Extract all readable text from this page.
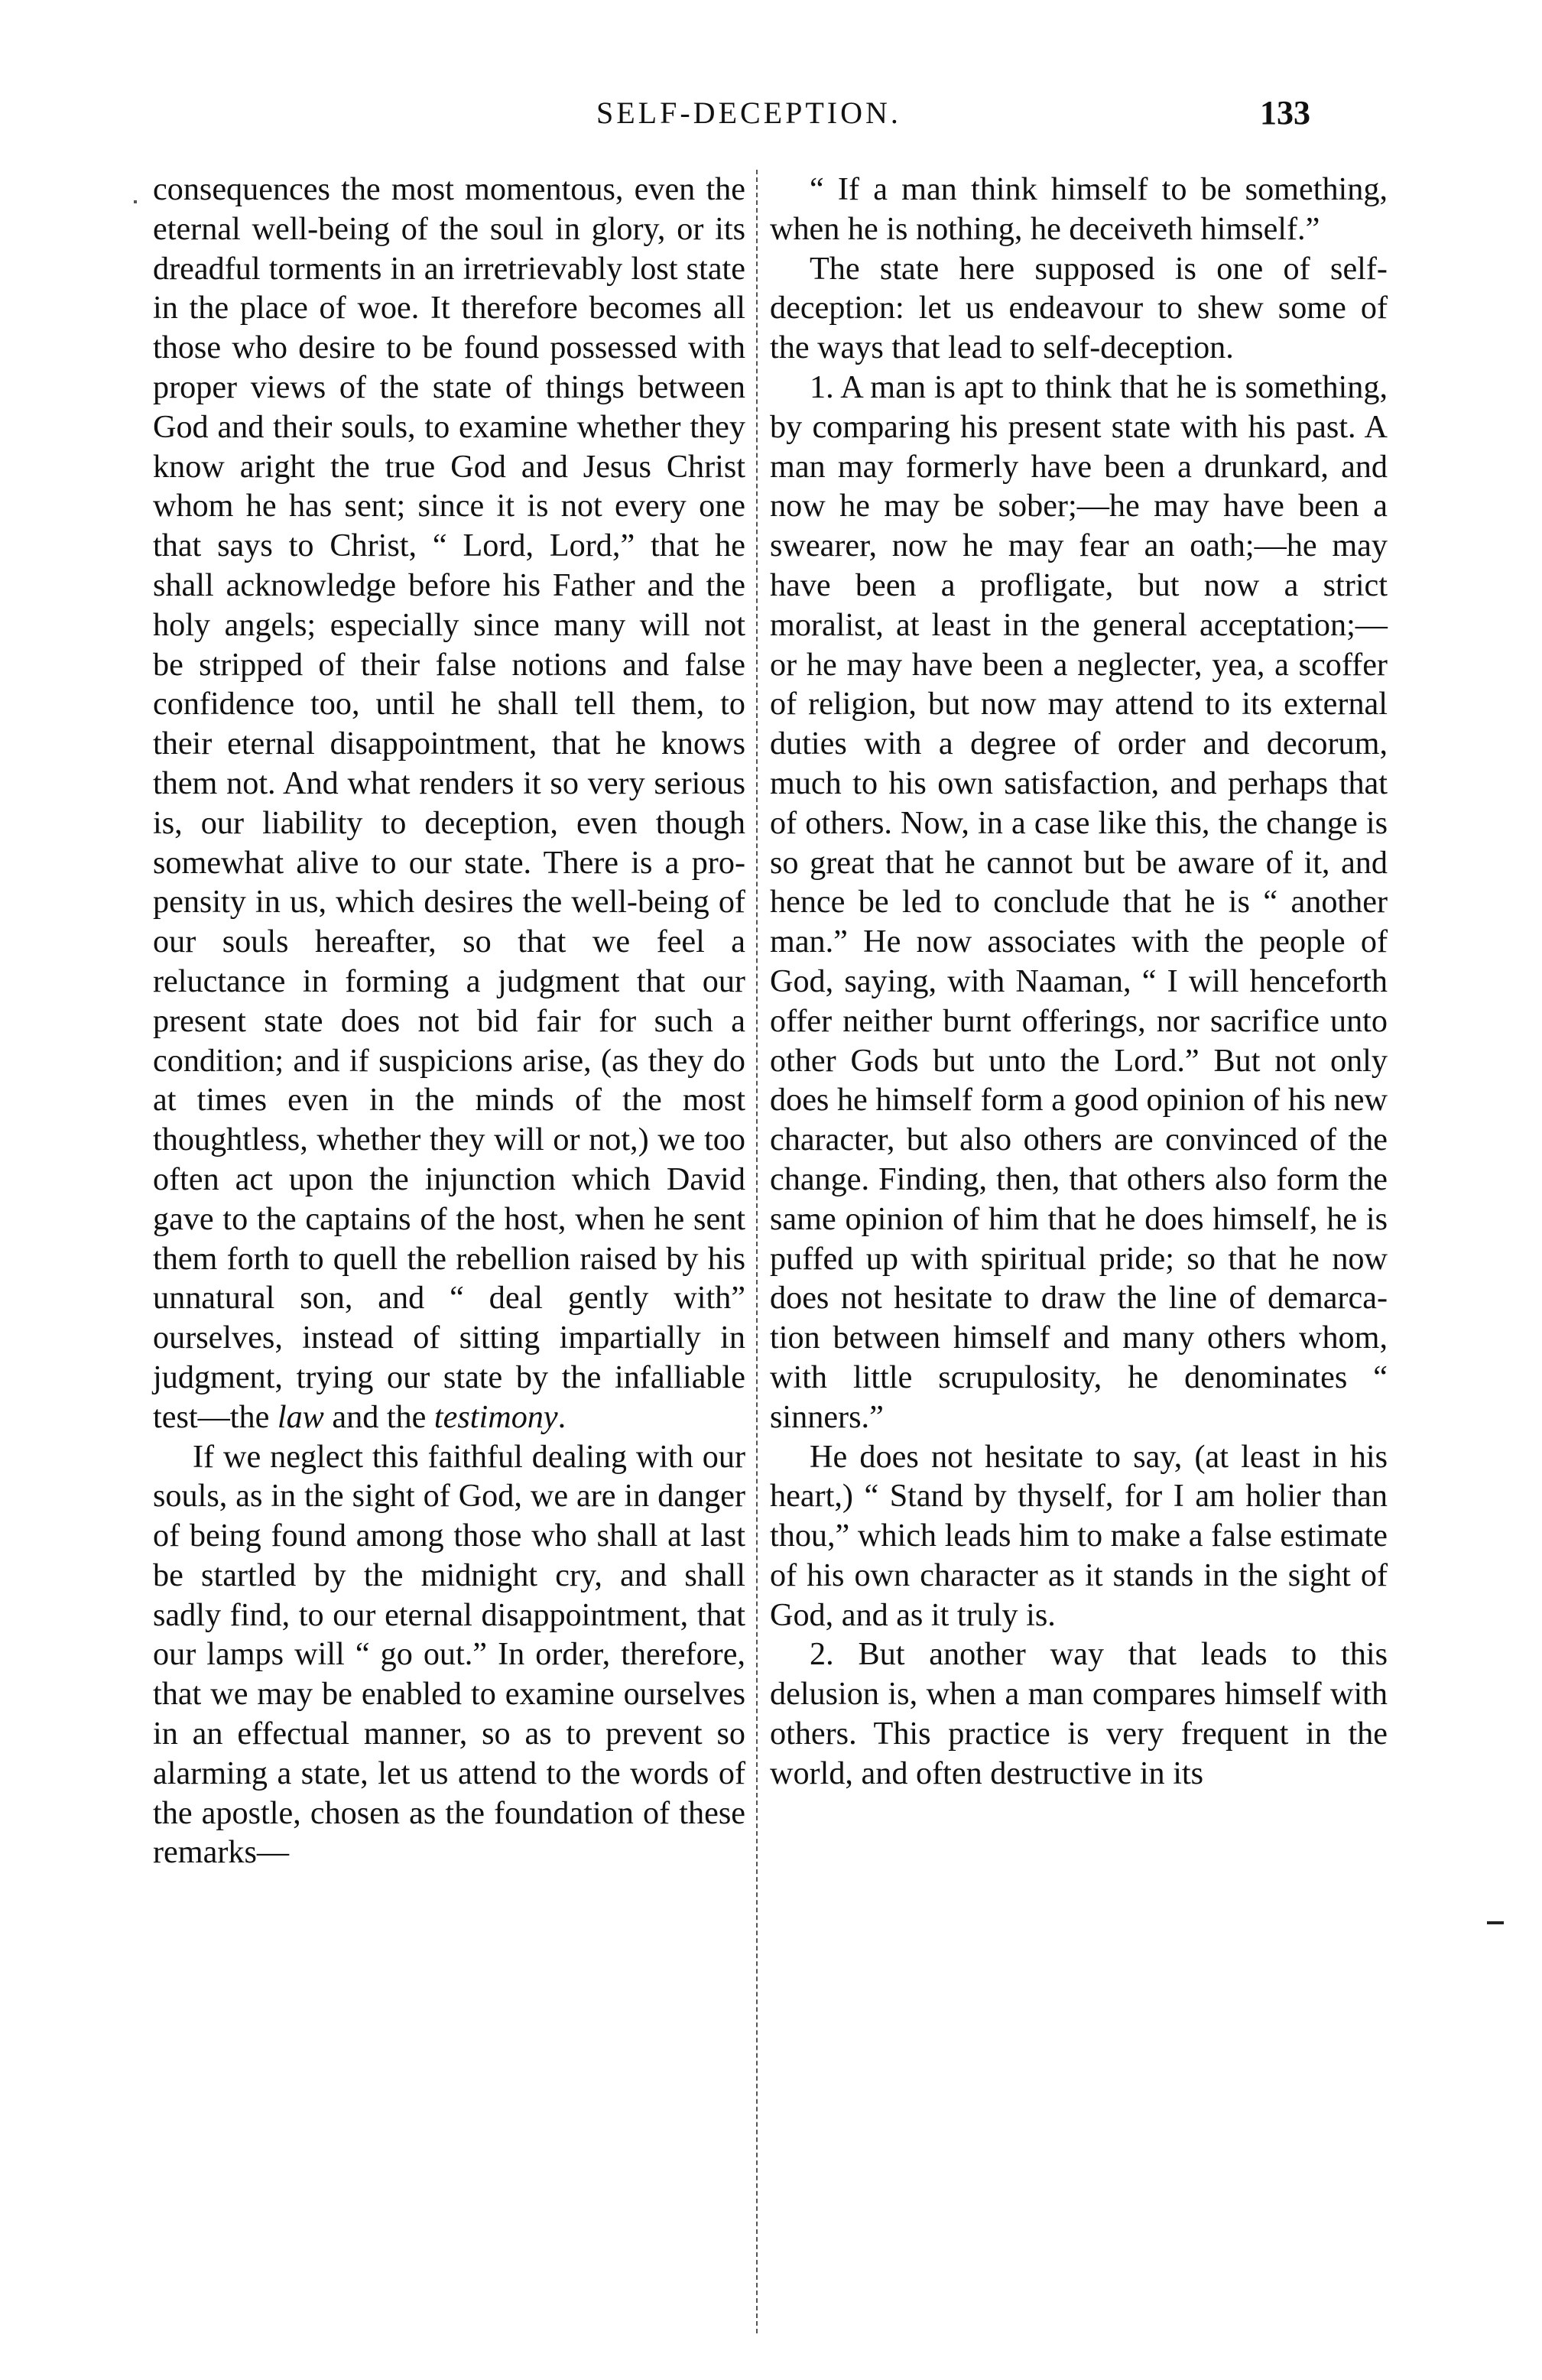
SELF-DECEPTION.	133

consequences the most momentous, even the eternal well-being of the soul in glory, or its dreadful torments in an irretrievably lost state in the place of woe. It therefore becomes all those who desire to be found possessed with proper views of the state of things between God and their souls, to examine whether they know aright the true God and Jesus Christ whom he has sent; since it is not every one that says to Christ, “ Lord, Lord,” that he shall acknowledge before his Father and the holy angels; especially since many will not be stripped of their false notions and false confidence too, until he shall tell them, to their eternal disappointment, that he knows them not. And what renders it so very serious is, our liability to deception, even though somewhat alive to our state. There is a propensity in us, which desires the well-being of our souls hereafter, so that we feel a reluctance in forming a judgment that our present state does not bid fair for such a condition; and if suspicions arise, (as they do at times even in the minds of the most thoughtless, whether they will or not,) we too often act upon the injunction which David gave to the captains of the host, when he sent them forth to quell the rebellion raised by his unnatural son, and “ deal gently with” ourselves, instead of sitting impartially in judgment, trying our state by the infalliable test—the law and the testimony.

If we neglect this faithful dealing with our souls, as in the sight of God, we are in danger of being found among those who shall at last be startled by the midnight cry, and shall sadly find, to our eternal disappointment, that our lamps will “ go out.” In order, therefore, that we may be enabled to examine ourselves in an effectual manner, so as to prevent so alarming a state, let us attend to the words of the apostle, chosen as the foundation of these remarks—

“ If a man think himself to be something, when he is nothing, he deceiveth himself.”

The state here supposed is one of self-deception: let us endeavour to shew some of the ways that lead to self-deception.

1. A man is apt to think that he is something, by comparing his present state with his past. A man may formerly have been a drunkard, and now he may be sober;—he may have been a swearer, now he may fear an oath;—he may have been a profligate, but now a strict moralist, at least in the general acceptation;—or he may have been a neglecter, yea, a scoffer of religion, but now may attend to its external duties with a degree of order and decorum, much to his own satisfaction, and perhaps that of others. Now, in a case like this, the change is so great that he cannot but be aware of it, and hence be led to conclude that he is “ another man.” He now associates with the people of God, saying, with Naaman, “ I will henceforth offer neither burnt offerings, nor sacrifice unto other Gods but unto the Lord.” But not only does he himself form a good opinion of his new character, but also others are convinced of the change. Finding, then, that others also form the same opinion of him that he does himself, he is puffed up with spiritual pride; so that he now does not hesitate to draw the line of demarcation between himself and many others whom, with little scrupulosity, he denominates “ sinners.”

He does not hesitate to say, (at least in his heart,) “ Stand by thyself, for I am holier than thou,” which leads him to make a false estimate of his own character as it stands in the sight of God, and as it truly is.

2. But another way that leads to this delusion is, when a man compares himself with others. This practice is very frequent in the world, and often destructive in its
